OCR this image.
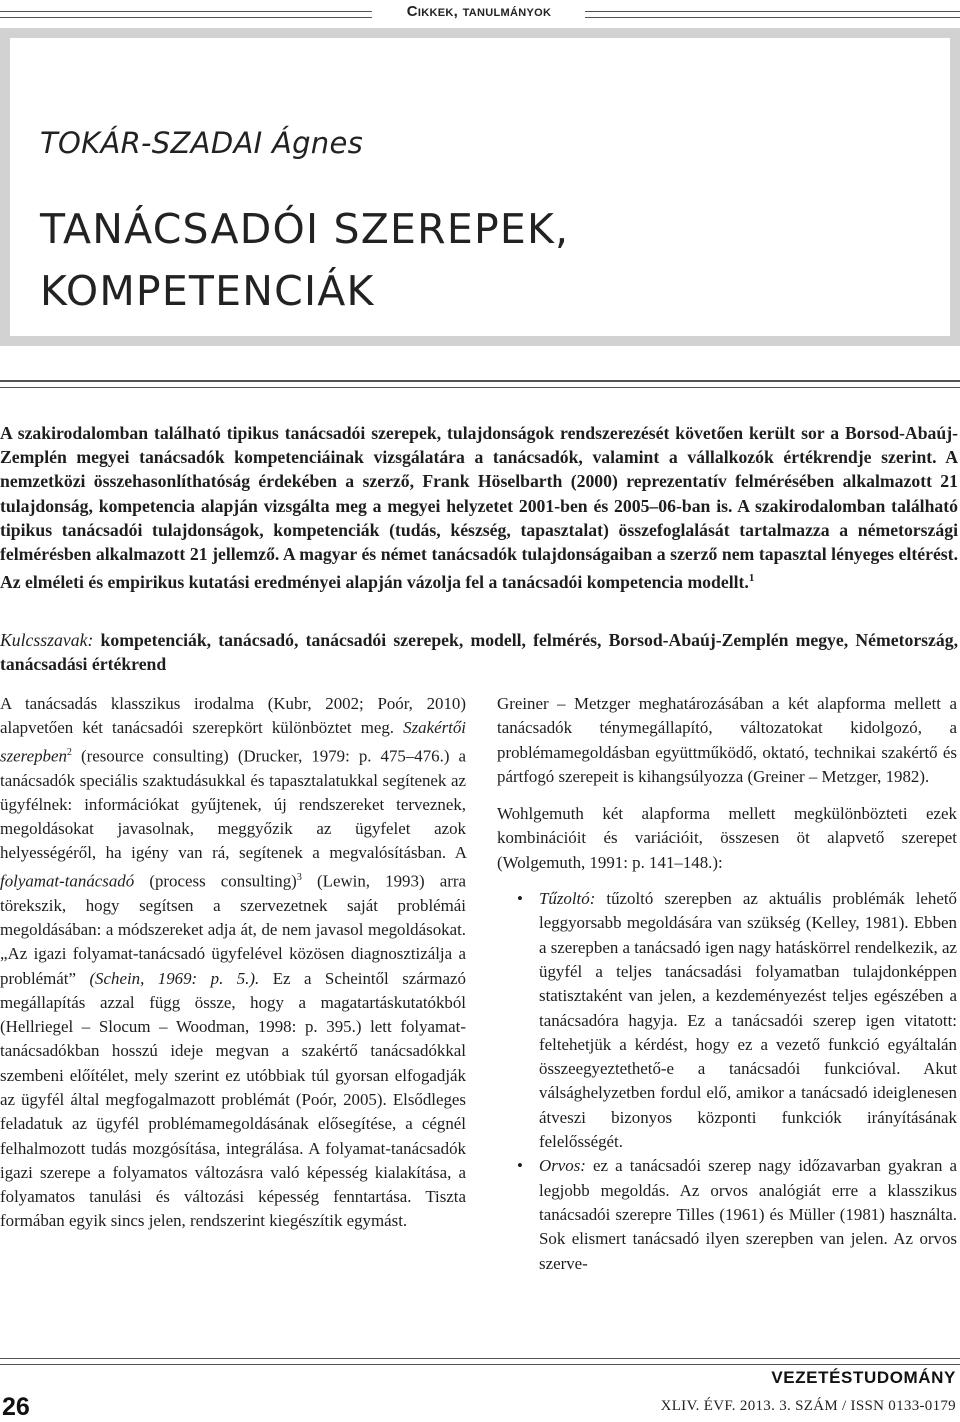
Cikkek, tanulmányok
TOKÁR-SZADAI Ágnes
TANÁCSADÓI SZEREPEK,
KOMPETENCIÁK

A szakirodalomban található tipikus tanácsadói szerepek, tulajdonságok rendszerezését követően került sor a Borsod-Abaúj-Zemplén megyei tanácsadók kompetenciáinak vizsgálatára a tanácsadók, valamint a vállalkozók értékrendje szerint. A nemzetközi összehasonlíthatóság érdekében a szerző, Frank Höselbarth (2000) reprezentatív felmérésében alkalmazott 21 tulajdonság, kompetencia alapján vizsgálta meg a megyei helyzetet 2001-ben és 2005–06-ban is. A szakirodalomban található tipikus tanácsadói tulajdonságok, kompetenciák (tudás, készség, tapasztalat) összefoglalását tartalmazza a németországi felmérésben alkalmazott 21 jellemző. A magyar és német tanácsadók tulajdonságaiban a szerző nem tapasztal lényeges eltérést. Az elméleti és empirikus kutatási eredményei alapján vázolja fel a tanácsadói kompetencia modellt.$^1$

Kulcsszavak: kompetenciák, tanácsadó, tanácsadói szerepek, modell, felmérés, Borsod-Abaúj-Zemplén megye, Németország, tanácsadási értékrend

A tanácsadás klasszikus irodalma (Kubr, 2002; Poór, 2010) alapvetően két tanácsadói szerepkört különböztet meg. Szakértői szerepben$^2$ (resource consulting) (Drucker, 1979: p. 475–476.) a tanácsadók speciális szaktudásukkal és tapasztalatukkal segítenek az ügyfélnek: információkat gyűjtenek, új rendszereket terveznek, megoldásokat javasolnak, meggyőzik az ügyfelet azok helyességéről, ha igény van rá, segítenek a megvalósításban. A folyamat-tanácsadó (process consulting)$^3$ (Lewin, 1993) arra törekszik, hogy segítsen a szervezetnek saját problémái megoldásában: a módszereket adja át, de nem javasol megoldásokat. „Az igazi folyamat-tanácsadó ügyfelével közösen diagnosztizálja a problémát” (Schein, 1969: p. 5.). Ez a Scheintől származó megállapítás azzal függ össze, hogy a magatartáskutatókból (Hellriegel – Slocum – Woodman, 1998: p. 395.) lett folyamat-tanácsadókban hosszú ideje megvan a szakértő tanácsadókkal szembeni előítélet, mely szerint ez utóbbiak túl gyorsan elfogadják az ügyfél által megfogalmazott problémát (Poór, 2005). Elsődleges feladatuk az ügyfél problémamegoldásának elősegítése, a cégnél felhalmozott tudás mozgósítása, integrálása. A folyamat-tanácsadók igazi szerepe a folyamatos változásra való képesség kialakítása, a folyamatos tanulási és változási képesség fenntartása. Tiszta formában egyik sincs jelen, rendszerint kiegészítik egymást.

Greiner – Metzger meghatározásában a két alapforma mellett a tanácsadók ténymegállapító, változatokat kidolgozó, a problémamegoldásban együttműködő, oktató, technikai szakértő és pártfogó szerepeit is kihangsúlyozza (Greiner – Metzger, 1982).

Wohlgemuth két alapforma mellett megkülönbözteti ezek kombinációit és variációit, összesen öt alapvető szerepet (Wolgemuth, 1991: p. 141–148.):

• Tűzoltó: tűzoltó szerepben az aktuális problémák lehető leggyorsabb megoldására van szükség (Kelley, 1981). Ebben a szerepben a tanácsadó igen nagy hatáskörrel rendelkezik, az ügyfél a teljes tanácsadási folyamatban tulajdonképpen statisztaként van jelen, a kezdeményezést teljes egészében a tanácsadóra hagyja. Ez a tanácsadói szerep igen vitatott: feltehetjük a kérdést, hogy ez a vezető funkció egyáltalán összeegyeztethető-e a tanácsadói funkcióval. Akut válsághelyzetben fordul elő, amikor a tanácsadó ideiglenesen átveszi bizonyos központi funkciók irányításának felelősségét.
• Orvos: ez a tanácsadói szerep nagy időzavarban gyakran a legjobb megoldás. Az orvos analógiát erre a klasszikus tanácsadói szerepre Tilles (1961) és Müller (1981) használta. Sok elismert tanácsadó ilyen szerepben van jelen. Az orvos szerve-
26
VEZETÉSTUDOMÁNY
XLIV. ÉVF. 2013. 3. SZÁM / ISSN 0133-0179
